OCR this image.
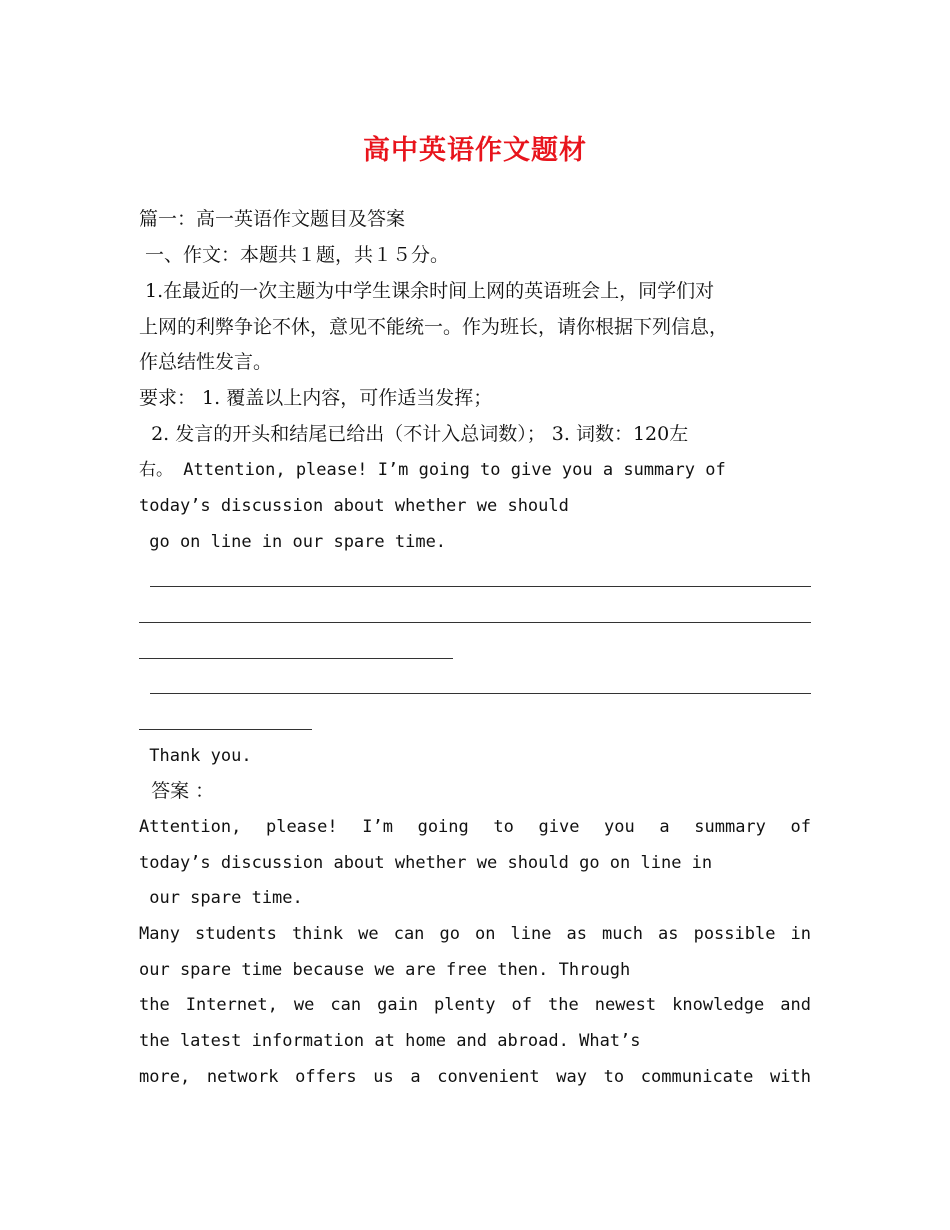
高中英语作文题材
篇一：高一英语作文题目及答案
一、作文：本题共１题，共１５分。
1.在最近的一次主题为中学生课余时间上网的英语班会上，同学们对
上网的利弊争论不休，意见不能统一。作为班长，请你根据下列信息，
作总结性发言。
要求： 1. 覆盖以上内容，可作适当发挥；
2. 发言的开头和结尾已给出（不计入总词数）； 3. 词数：120左
右。 Attention, please! I’m going to give you a summary of
today’s discussion about whether we should
go on line in our spare time.
Thank you.
答案 ：
Attention, please! I’m going to give you a summary of
today’s discussion about whether we should go on line in
our spare time.
Many students think we can go on line as much as possible in
our spare time because we are free then. Through
the Internet, we can gain plenty of the newest knowledge and
the latest information at home and abroad. What’s
more, network offers us a convenient way to communicate with
